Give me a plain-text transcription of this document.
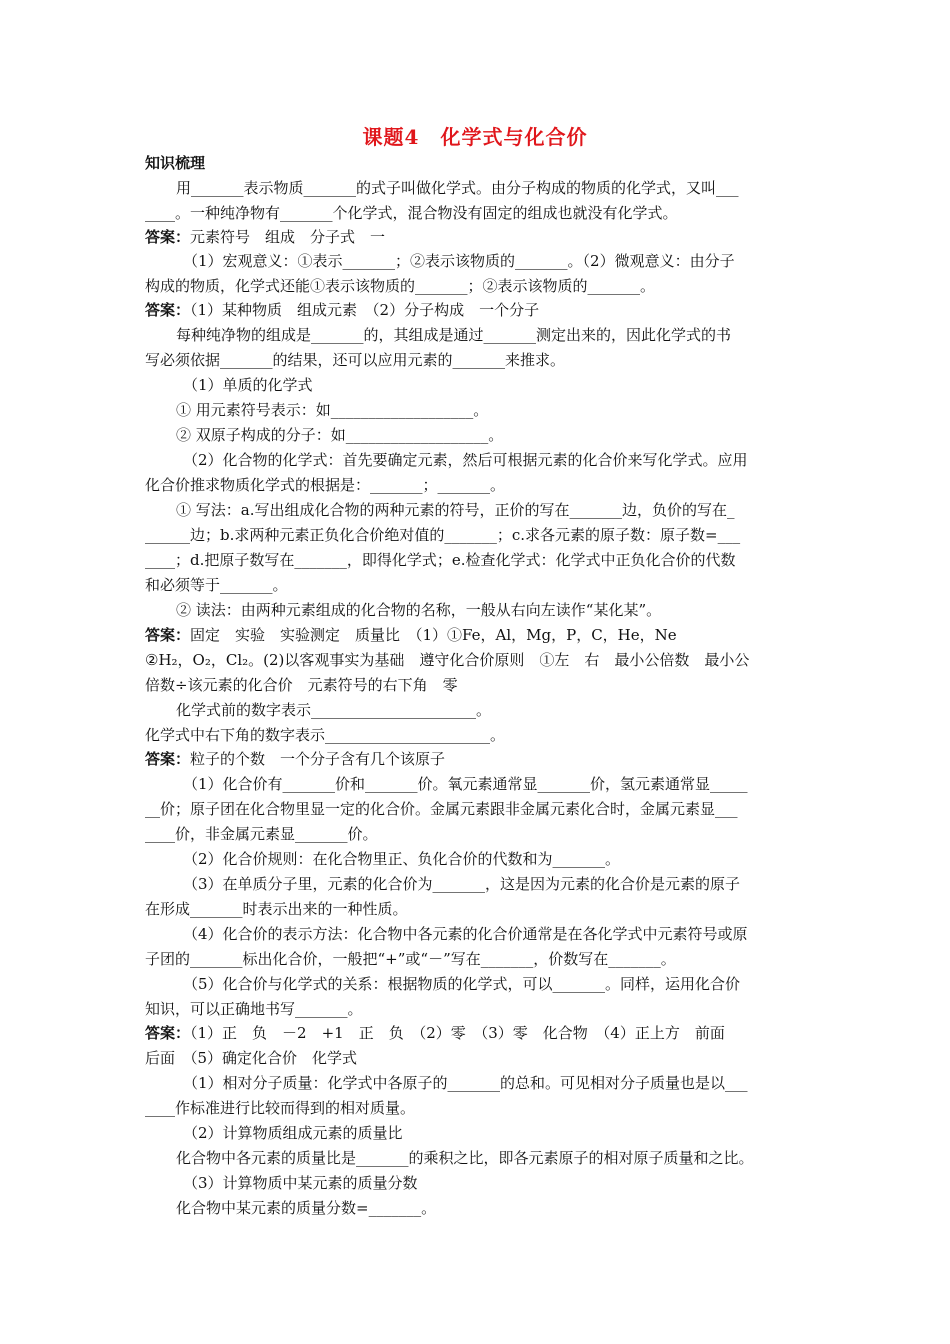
课题4　化学式与化合价
知识梳理
用_______表示物质_______的式子叫做化学式。由分子构成的物质的化学式，又叫___
____。一种纯净物有_______个化学式，混合物没有固定的组成也就没有化学式。
答案：元素符号　组成　分子式　一
（1）宏观意义：①表示_______；②表示该物质的_______。（2）微观意义：由分子
构成的物质，化学式还能①表示该物质的_______；②表示该物质的_______。
答案：（1）某种物质　组成元素　（2）分子构成　一个分子
每种纯净物的组成是_______的，其组成是通过_______测定出来的，因此化学式的书
写必须依据_______的结果，还可以应用元素的_______来推求。
（1）单质的化学式
① 用元素符号表示：如___________________。
② 双原子构成的分子：如___________________。
（2）化合物的化学式：首先要确定元素，然后可根据元素的化合价来写化学式。应用
化合价推求物质化学式的根据是：_______；_______。
① 写法：a.写出组成化合物的两种元素的符号，正价的写在_______边，负价的写在_
______边；b.求两种元素正负化合价绝对值的_______；c.求各元素的原子数：原子数=___
____；d.把原子数写在_______，即得化学式；e.检查化学式：化学式中正负化合价的代数
和必须等于_______。
② 读法：由两种元素组成的化合物的名称，一般从右向左读作“某化某”。
答案：固定　实验　实验测定　质量比　（1）①Fe，Al，Mg，P，C，He，Ne
②H₂，O₂，Cl₂。(2)以客观事实为基础　遵守化合价原则　①左　右　最小公倍数　最小公
倍数÷该元素的化合价　元素符号的右下角　零
化学式前的数字表示______________________。
化学式中右下角的数字表示______________________。
答案：粒子的个数　一个分子含有几个该原子
（1）化合价有_______价和_______价。氧元素通常显_______价，氢元素通常显_____
__价；原子团在化合物里显一定的化合价。金属元素跟非金属元素化合时，金属元素显___
____价，非金属元素显_______价。
（2）化合价规则：在化合物里正、负化合价的代数和为_______。
（3）在单质分子里，元素的化合价为_______，这是因为元素的化合价是元素的原子
在形成_______时表示出来的一种性质。
（4）化合价的表示方法：化合物中各元素的化合价通常是在各化学式中元素符号或原
子团的_______标出化合价，一般把“+”或“－”写在_______，价数写在_______。
（5）化合价与化学式的关系：根据物质的化学式，可以_______。同样，运用化合价
知识，可以正确地书写_______。
答案：（1）正　负　－2　+1　正　负　（2）零　（3）零　化合物　（4）正上方　前面
后面　（5）确定化合价　化学式
（1）相对分子质量：化学式中各原子的_______的总和。可见相对分子质量也是以___
____作标准进行比较而得到的相对质量。
（2）计算物质组成元素的质量比
化合物中各元素的质量比是_______的乘积之比，即各元素原子的相对原子质量和之比。
（3）计算物质中某元素的质量分数
化合物中某元素的质量分数=_______。
